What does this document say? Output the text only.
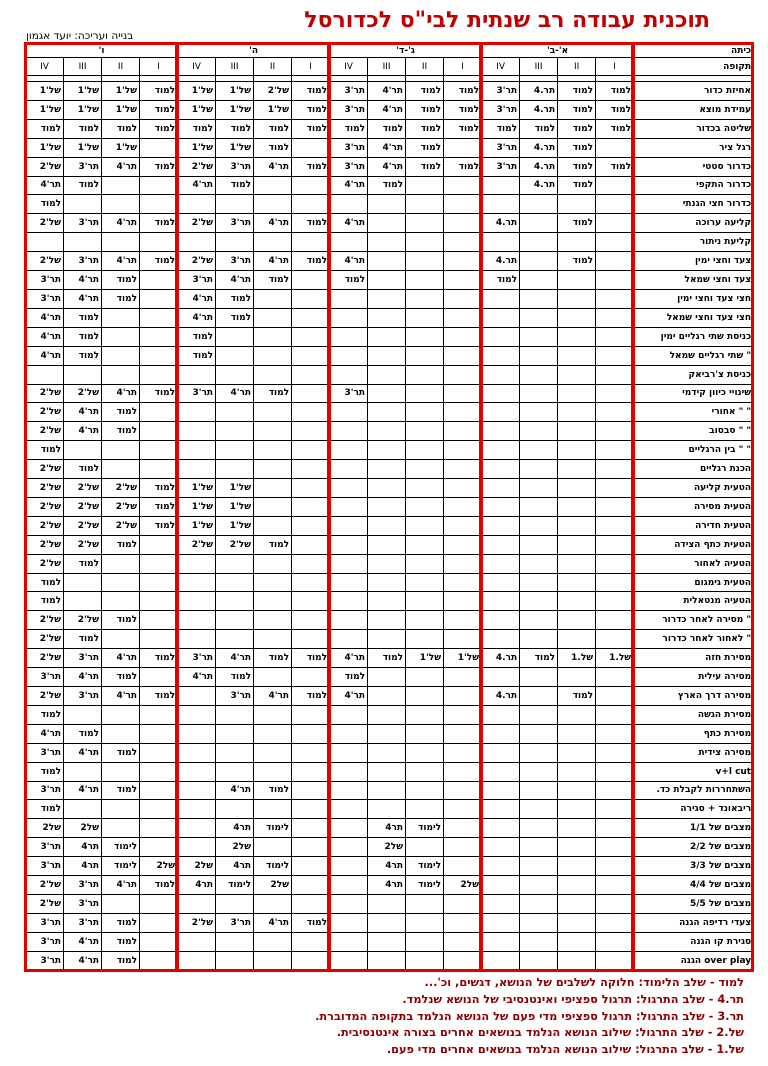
תוכנית עבודה רב שנתית לבי"ס לכדורסל
בנייה ועריכה: יועד אגמון
כיתה	א'-ב'				ג'-ד'				ה'				ו'			
תקופה	I	II	III	IV	I	II	III	IV	I	II	III	IV	I	II	III	IV

אחיזת כדור	למוד	למוד	תר.4	תר'3	למוד	למוד	תר'4	תר'3	למוד	של'2	של'1	של'1	למוד	של'1	של'1	של'1
עמידת מוצא	למוד	למוד	תר.4	תר'3	למוד	למוד	תר'4	תר'3	למוד	של'1	של'1	של'1	למוד	של'1	של'1	של'1
שליטה בכדור	למוד	למוד	למוד	למוד	למוד	למוד	למוד	למוד	למוד	למוד	למוד	למוד	למוד	למוד	למוד	למוד
רגל ציר		למוד	תר.4	תר'3		למוד	תר'4	תר'3		למוד	של'1	של'1		של'1	של'1	של'1
כדרור סטטי	למוד	למוד	תר.4	תר'3	למוד	למוד	תר'4	תר'3	למוד	תר'4	תר'3	של'2	למוד	תר'4	תר'3	של'2
כדרור התקפי		למוד	תר.4				למוד	תר'4			למוד	תר'4			למוד	תר'4
כדרור חצי הגנתי																למוד
קליעה ערוכה		למוד		תר.4				תר'4	למוד	תר'4	תר'3	של'2	למוד	תר'4	תר'3	של'2
קליעת ניתור																
צעד וחצי ימין		למוד		תר.4				תר'4	למוד	תר'4	תר'3	של'2	למוד	תר'4	תר'3	של'2
צעד וחצי שמאל				למוד				למוד		למוד	תר'4	תר'3		למוד	תר'4	תר'3
חצי צעד וחצי ימין											למוד	תר'4		למוד	תר'4	תר'3
חצי צעד וחצי שמאל											למוד	תר'4			למוד	תר'4
כניסת שתי רגליים ימין												למוד			למוד	תר'4
" שתי רגליים שמאל												למוד			למוד	תר'4
כניסת צ'רביאק																
שינויי כיוון קידמי								תר'3		למוד	תר'4	תר'3	למוד	תר'4	של'2	של'2
" " אחורי														למוד	תר'4	של'2
" " סבסוב														למוד	תר'4	של'2
" " בין הרגליים																למוד
הכנת רגליים															למוד	של'2
הטעית קליעה											של'1	של'1	למוד	של'2	של'2	של'2
הטעית מסירה											של'1	של'1	למוד	של'2	של'2	של'2
הטעית חדירה											של'1	של'1	למוד	של'2	של'2	של'2
הטעית כתף הצידה										למוד	של'2	של'2		למוד	של'2	של'2
הטעיה לאחור															למוד	של'2
הטעית גימגום																למוד
הטעיה מנטאלית																למוד
" מסירה לאחר כדרור														למוד	של'2	של'2
" לאחור לאחר כדרור															למוד	של'2
מסירת חזה	של.1	של.1	למוד	תר.4	של'1	של'1	למוד	תר'4	למוד	למוד	תר'4	תר'3	למוד	תר'4	תר'3	של'2
מסירה עילית								למוד			למוד	תר'4		למוד	תר'4	תר'3
מסירה דרך הארץ		למוד		תר.4				תר'4	למוד	תר'4	תר'3		למוד	תר'4	תר'3	של'2
מסירת הגשה																למוד
מסירת כתף															למוד	תר'4
מסירה צידית														למוד	תר'4	תר'3
v+l cut																למוד
השתחררות לקבלת כד.										למוד	תר'4			למוד	תר'4	תר'3
ריבאונד + סגירה																למוד
מצבים של 1/1						לימוד	תר4			לימוד	תר4				של2	של2
מצבים של 2/2							של2				של2			לימוד	תר4	תר'3
מצבים של 3/3						לימוד	תר4			לימוד	תר4	של2	של2	לימוד	תר4	תר'3
מצבים של 4/4					של2	לימוד	תר4			של2	לימוד	תר4	למוד	תר'4	תר'3	של'2
מצבים של 5/5															תר'3	של'2
צעדי רדיפה הגנה									למוד	תר'4	תר'3	של'2		למוד	תר'3	תר'3
סגירת קו הגנה														למוד	תר'4	תר'3
over play הגנה														למוד	תר'4	תר'3
למוד - שלב הלימוד: חלוקה לשלבים של הנושא, דגשים, וכ'...
תר.4 - שלב התרגול: תרגול ספציפי ואינטנסיבי של הנושא שנלמד.
תר.3 - שלב התרגול: תרגול ספציפי מדי פעם של הנושא הנלמד בתקופה המדוברת.
של.2 - שלב התרגול: שילוב הנושא הנלמד בנושאים אחרים בצורה אינטנסיבית.
של.1 - שלב התרגול: שילוב הנושא הנלמד בנושאים אחרים מדי פעם.
